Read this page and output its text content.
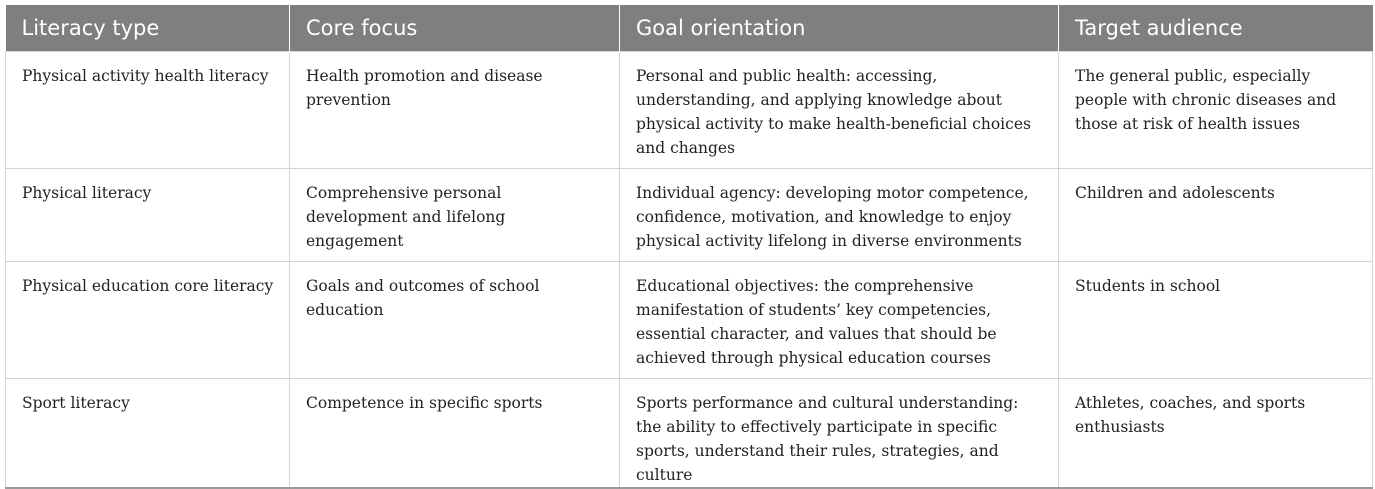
Literacy type	Core focus	Goal orientation	Target audience
Physical activity health literacy	Health promotion and disease prevention	Personal and public health: accessing, understanding, and applying knowledge about physical activity to make health-beneficial choices and changes	The general public, especially people with chronic diseases and those at risk of health issues
Physical literacy	Comprehensive personal development and lifelong engagement	Individual agency: developing motor competence, confidence, motivation, and knowledge to enjoy physical activity lifelong in diverse environments	Children and adolescents
Physical education core literacy	Goals and outcomes of school education	Educational objectives: the comprehensive manifestation of students’ key competencies, essential character, and values that should be achieved through physical education courses	Students in school
Sport literacy	Competence in specific sports	Sports performance and cultural understanding: the ability to effectively participate in specific sports, understand their rules, strategies, and culture	Athletes, coaches, and sports enthusiasts
